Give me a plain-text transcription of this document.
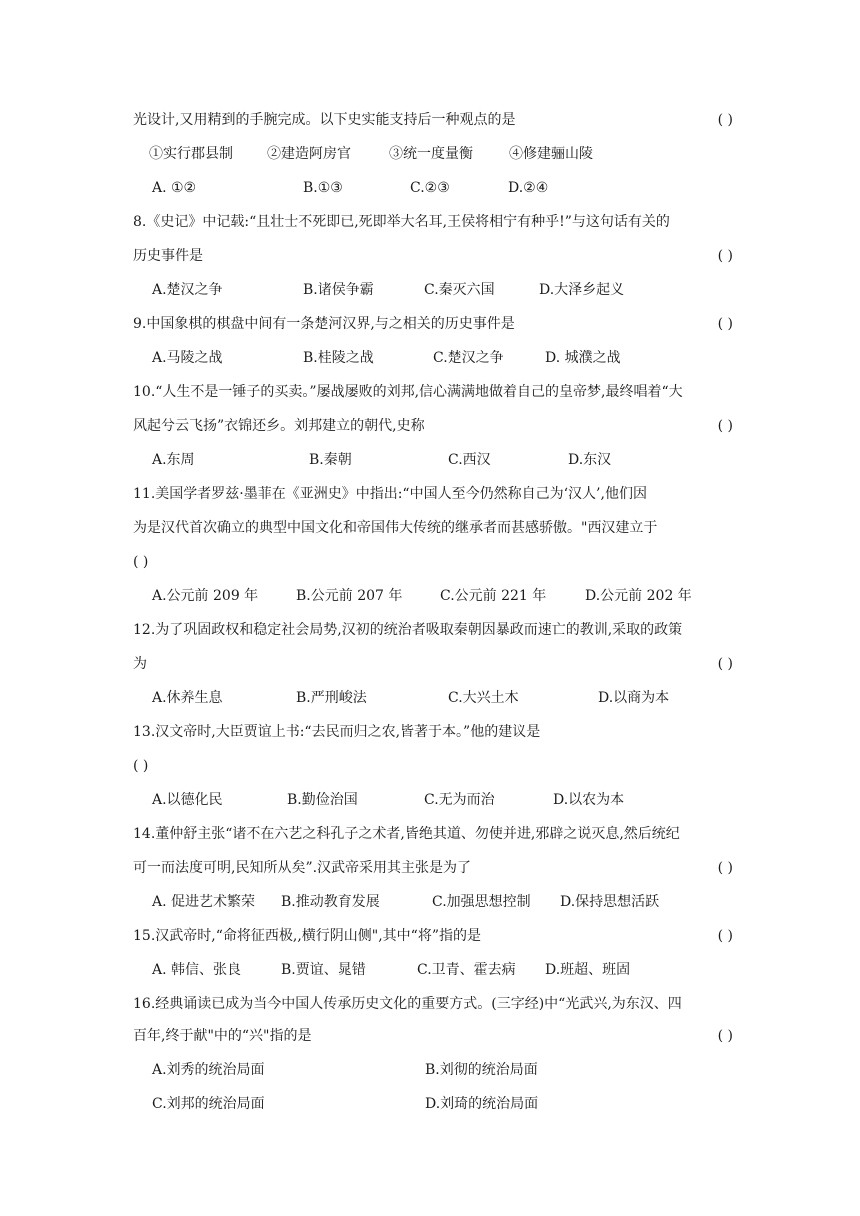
光设计,又用精到的手腕完成。以下史实能支持后一种观点的是	( )
①实行郡县制 ②建造阿房官	③统一度量衡	④修建骊山陵
A. ①②	B.①③	C.②③	D.②④
8.《史记》中记载:“且壮士不死即已,死即举大名耳,王侯将相宁有种乎!”与这句话有关的
历史事件是	( )
A.楚汉之争	B.诸侯争霸	C.秦灭六国	D.大泽乡起义
9.中国象棋的棋盘中间有一条楚河汉界,与之相关的历史事件是	( )
A.马陵之战	B.桂陵之战	C.楚汉之争	D. 城濮之战
10.“人生不是一锤子的买卖。”屡战屡败的刘邦,信心满满地做着自己的皇帝梦,最终唱着“大
风起兮云飞扬”衣锦还乡。刘邦建立的朝代,史称	( )
A.东周	B.秦朝	C.西汉	D.东汉
11.美国学者罗兹·墨菲在《亚洲史》中指出:“中国人至今仍然称自己为‘汉人’,他们因
为是汉代首次确立的典型中国文化和帝国伟大传统的继承者而甚感骄傲。"西汉建立于
( )
A.公元前 209 年	B.公元前 207 年	C.公元前 221 年	D.公元前 202 年
12.为了巩固政权和稳定社会局势,汉初的统治者吸取秦朝因暴政而速亡的教训,采取的政策
为	( )
A.休养生息	B.严刑峻法	C.大兴土木	D.以商为本
13.汉文帝时,大臣贾谊上书:“去民而归之农,皆著于本。”他的建议是
( )
A.以德化民	B.勤俭治国	C.无为而治	D.以农为本
14.董仲舒主张“诸不在六艺之科孔子之术者,皆绝其道、勿使并进,邪辟之说灭息,然后统纪
可一而法度可明,民知所从矣”.汉武帝采用其主张是为了	( )
A. 促进艺术繁荣 B.推动教育发展	C.加强思想控制 D.保持思想活跃
15.汉武帝时,“命将征西极,,横行阴山侧",其中“将”指的是	( )
A. 韩信、张良	B.贾谊、晁错	C.卫青、霍去病 D.班超、班固
16.经典诵读已成为当今中国人传承历史文化的重要方式。(三字经)中“光武兴,为东汉、四
百年,终于献"中的“兴"指的是	( )
A.刘秀的统治局面	B.刘彻的统治局面
C.刘邦的统治局面	D.刘琦的统治局面
